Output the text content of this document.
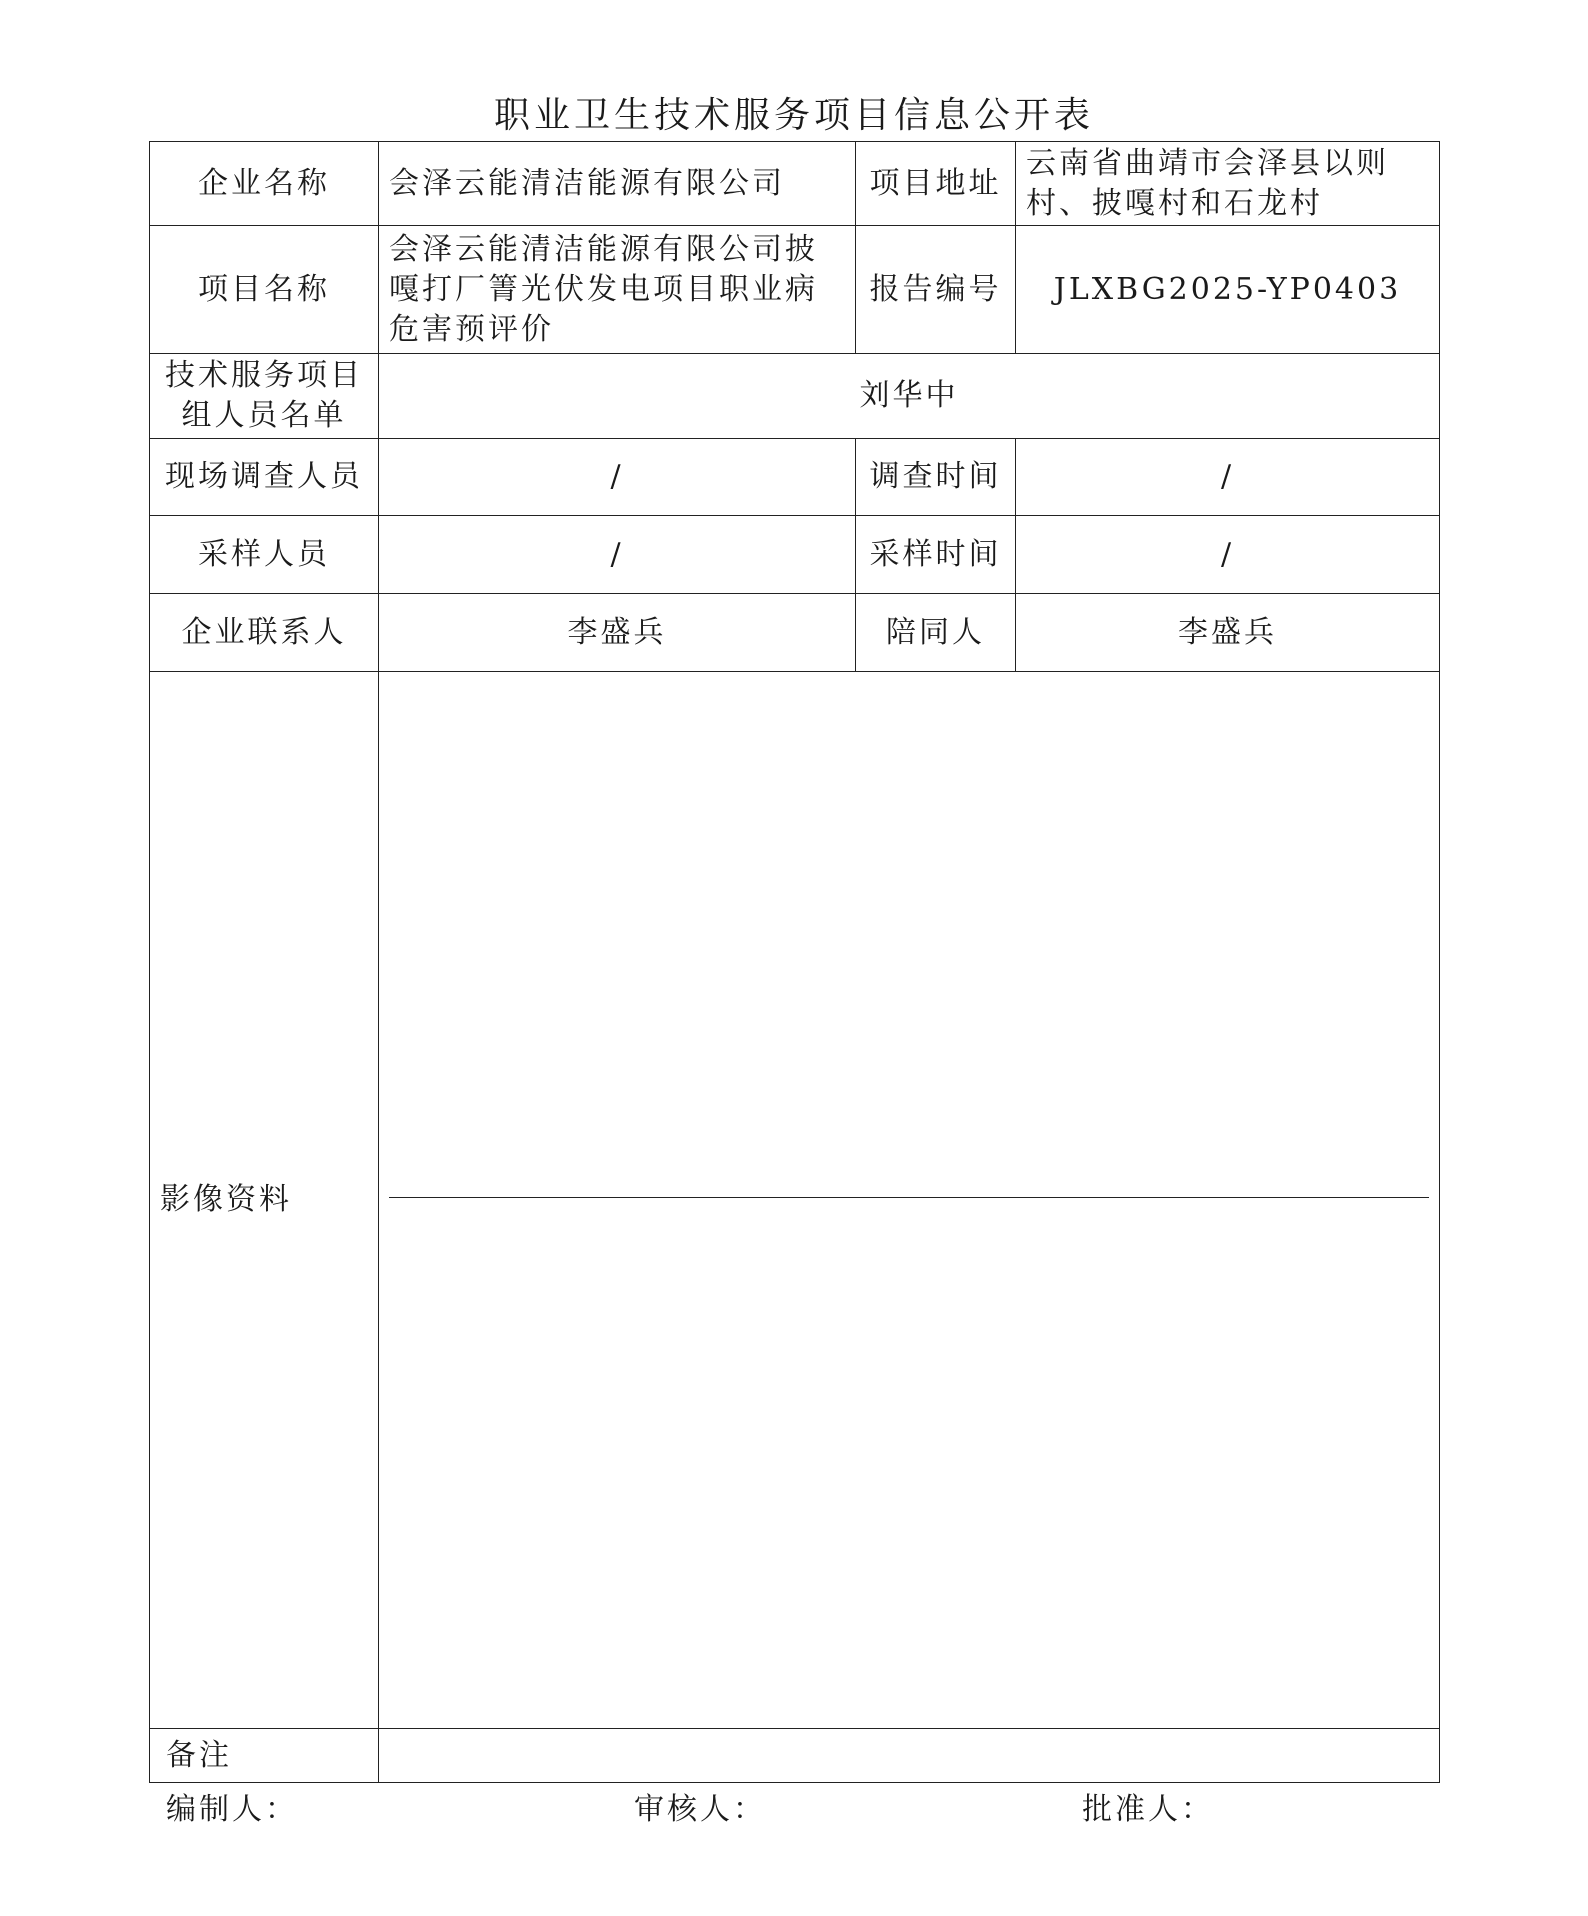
职业卫生技术服务项目信息公开表
企业名称	会泽云能清洁能源有限公司	项目地址	云南省曲靖市会泽县以则村、披嘎村和石龙村
项目名称	会泽云能清洁能源有限公司披嘎打厂箐光伏发电项目职业病危害预评价	报告编号	JLXBG2025-YP0403
技术服务项目组人员名单	刘华中		
现场调查人员	/	调查时间	/
采样人员	/	采样时间	/
企业联系人	李盛兵	陪同人	李盛兵
影像资料			

备注			
编制人：	审核人：	批准人：
